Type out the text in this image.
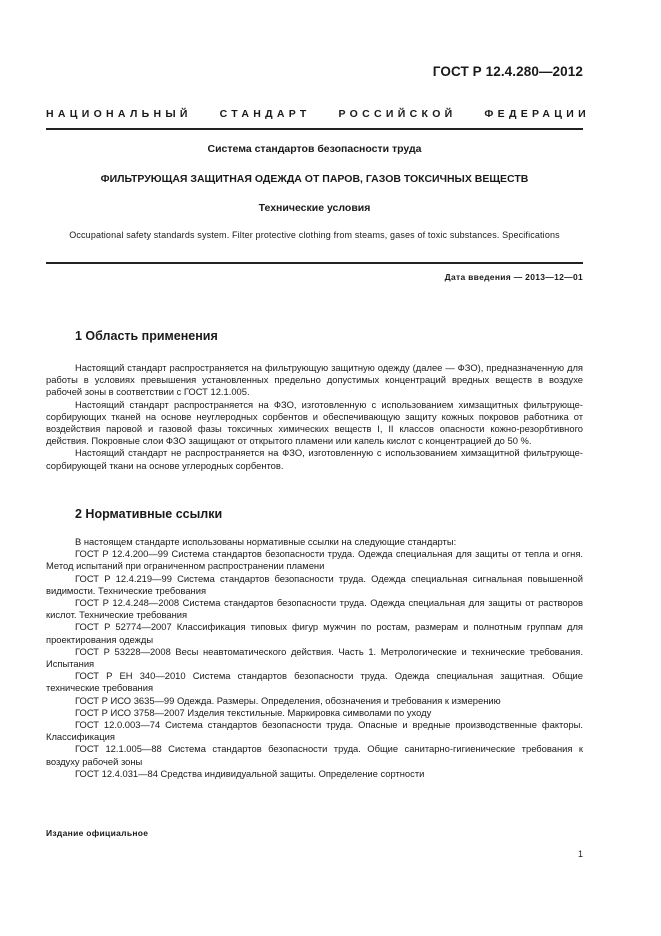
ГОСТ Р 12.4.280—2012
НАЦИОНАЛЬНЫЙ	СТАНДАРТ	РОССИЙСКОЙ	ФЕДЕРАЦИИ
Система стандартов безопасности труда
ФИЛЬТРУЮЩАЯ ЗАЩИТНАЯ ОДЕЖДА ОТ ПАРОВ, ГАЗОВ ТОКСИЧНЫХ ВЕЩЕСТВ
Технические условия
Occupational safety standards system. Filter protective clothing from steams, gases of toxic substances. Specifications
Дата введения — 2013—12—01
1 Область применения

Настоящий стандарт распространяется на фильтрующую защитную одежду (далее — ФЗО), предназначенную для работы в условиях превышения установленных предельно допустимых концентраций вредных веществ в воздухе рабочей зоны в соответствии с ГОСТ 12.1.005.

Настоящий стандарт распространяется на ФЗО, изготовленную с использованием химзащитных фильтрующе-сорбирующих тканей на основе неуглеродных сорбентов и обеспечивающую защиту кожных покровов работника от воздействия паровой и газовой фазы токсичных химических веществ I, II классов опасности кожно-резорбтивного действия. Покровные слои ФЗО защищают от открытого пламени или капель кислот с концентрацией до 50 %.

Настоящий стандарт не распространяется на ФЗО, изготовленную с использованием химзащитной фильтрующе-сорбирующей ткани на основе углеродных сорбентов.

2 Нормативные ссылки

В настоящем стандарте использованы нормативные ссылки на следующие стандарты:

ГОСТ Р 12.4.200—99 Система стандартов безопасности труда. Одежда специальная для защиты от тепла и огня. Метод испытаний при ограниченном распространении пламени

ГОСТ Р 12.4.219—99 Система стандартов безопасности труда. Одежда специальная сигнальная повышенной видимости. Технические требования

ГОСТ Р 12.4.248—2008 Система стандартов безопасности труда. Одежда специальная для защиты от растворов кислот. Технические требования

ГОСТ Р 52774—2007 Классификация типовых фигур мужчин по ростам, размерам и полнотным группам для проектирования одежды

ГОСТ Р 53228—2008 Весы неавтоматического действия. Часть 1. Метрологические и технические требования. Испытания

ГОСТ Р ЕН 340—2010 Система стандартов безопасности труда. Одежда специальная защитная. Общие технические требования

ГОСТ Р ИСО 3635—99 Одежда. Размеры. Определения, обозначения и требования к измерению

ГОСТ Р ИСО 3758—2007 Изделия текстильные. Маркировка символами по уходу

ГОСТ 12.0.003—74 Система стандартов безопасности труда. Опасные и вредные производственные факторы. Классификация

ГОСТ 12.1.005—88 Система стандартов безопасности труда. Общие санитарно-гигиенические требования к воздуху рабочей зоны

ГОСТ 12.4.031—84 Средства индивидуальной защиты. Определение сортности

Издание официальное
1
